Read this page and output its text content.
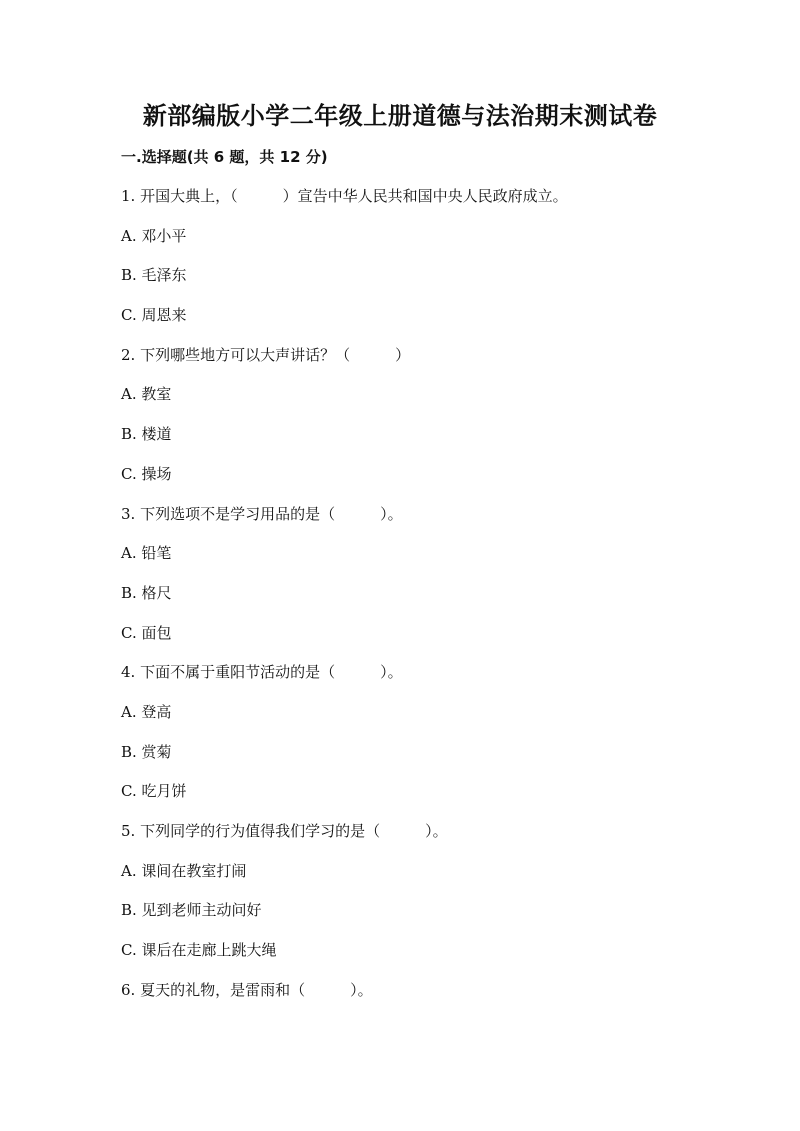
新部编版小学二年级上册道德与法治期末测试卷
一.选择题(共 6 题，共 12 分)
1. 开国大典上，（　　　）宣告中华人民共和国中央人民政府成立。
A. 邓小平
B. 毛泽东
C. 周恩来
2. 下列哪些地方可以大声讲话？（　　　）
A. 教室
B. 楼道
C. 操场
3. 下列选项不是学习用品的是（　　　）。
A. 铅笔
B. 格尺
C. 面包
4. 下面不属于重阳节活动的是（　　　）。
A. 登高
B. 赏菊
C. 吃月饼
5. 下列同学的行为值得我们学习的是（　　　）。
A. 课间在教室打闹
B. 见到老师主动问好
C. 课后在走廊上跳大绳
6. 夏天的礼物，是雷雨和（　　　）。
